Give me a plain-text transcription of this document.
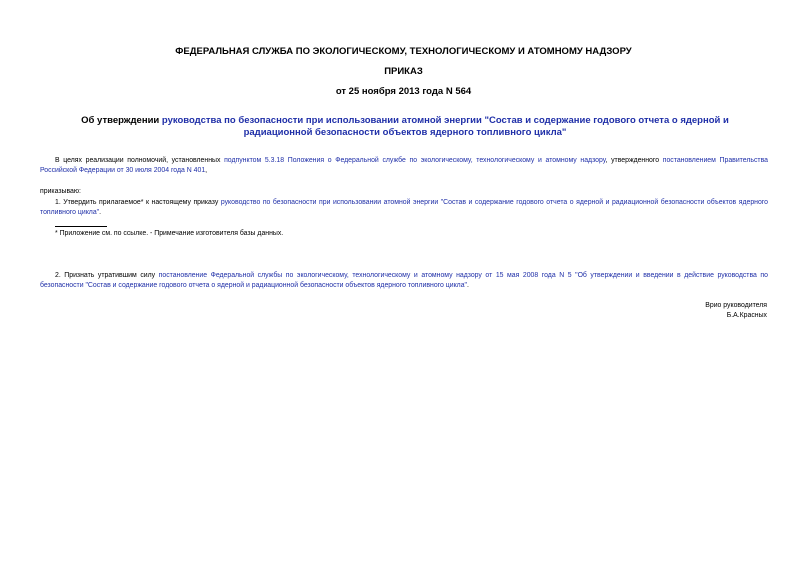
ФЕДЕРАЛЬНАЯ СЛУЖБА ПО ЭКОЛОГИЧЕСКОМУ, ТЕХНОЛОГИЧЕСКОМУ И АТОМНОМУ НАДЗОРУ
ПРИКАЗ
от 25 ноября 2013 года N 564
Об утверждении руководства по безопасности при использовании атомной энергии "Состав и содержание годового отчета о ядерной и радиационной безопасности объектов ядерного топливного цикла"
В целях реализации полномочий, установленных подпунктом 5.3.18 Положения о Федеральной службе по экологическому, технологическому и атомному надзору, утвержденного постановлением Правительства Российской Федерации от 30 июля 2004 года N 401,
приказываю:
1. Утвердить прилагаемое* к настоящему приказу руководство по безопасности при использовании атомной энергии "Состав и содержание годового отчета о ядерной и радиационной безопасности объектов ядерного топливного цикла".
* Приложение см. по ссылке. - Примечание изготовителя базы данных.
2. Признать утратившим силу постановление Федеральной службы по экологическому, технологическому и атомному надзору от 15 мая 2008 года N 5 "Об утверждении и введении в действие руководства по безопасности "Состав и содержание годового отчета о ядерной и радиационной безопасности объектов ядерного топливного цикла".
Врио руководителя
Б.А.Красных
